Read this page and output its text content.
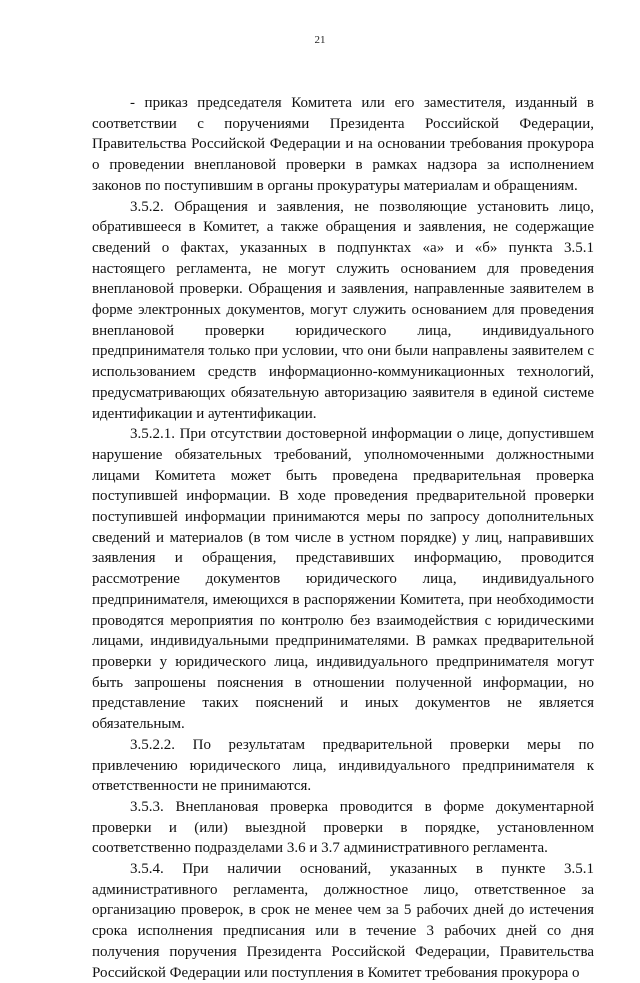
21

- приказ председателя Комитета или его заместителя, изданный в соответствии с поручениями Президента Российской Федерации, Правительства Российской Федерации и на основании требования прокурора о проведении внеплановой проверки в рамках надзора за исполнением законов по поступившим в органы прокуратуры материалам и обращениям.

3.5.2. Обращения и заявления, не позволяющие установить лицо, обратившееся в Комитет, а также обращения и заявления, не содержащие сведений о фактах, указанных в подпунктах «а» и «б» пункта 3.5.1 настоящего регламента, не могут служить основанием для проведения внеплановой проверки. Обращения и заявления, направленные заявителем в форме электронных документов, могут служить основанием для проведения внеплановой проверки юридического лица, индивидуального предпринимателя только при условии, что они были направлены заявителем с использованием средств информационно-коммуникационных технологий, предусматривающих обязательную авторизацию заявителя в единой системе идентификации и аутентификации.

3.5.2.1. При отсутствии достоверной информации о лице, допустившем нарушение обязательных требований, уполномоченными должностными лицами Комитета может быть проведена предварительная проверка поступившей информации. В ходе проведения предварительной проверки поступившей информации принимаются меры по запросу дополнительных сведений и материалов (в том числе в устном порядке) у лиц, направивших заявления и обращения, представивших информацию, проводится рассмотрение документов юридического лица, индивидуального предпринимателя, имеющихся в распоряжении Комитета, при необходимости проводятся мероприятия по контролю без взаимодействия с юридическими лицами, индивидуальными предпринимателями. В рамках предварительной проверки у юридического лица, индивидуального предпринимателя могут быть запрошены пояснения в отношении полученной информации, но представление таких пояснений и иных документов не является обязательным.

3.5.2.2. По результатам предварительной проверки меры по привлечению юридического лица, индивидуального предпринимателя к ответственности не принимаются.

3.5.3. Внеплановая проверка проводится в форме документарной проверки и (или) выездной проверки в порядке, установленном соответственно подразделами 3.6 и 3.7 административного регламента.

3.5.4. При наличии оснований, указанных в пункте 3.5.1 административного регламента, должностное лицо, ответственное за организацию проверок, в срок не менее чем за 5 рабочих дней до истечения срока исполнения предписания или в течение 3 рабочих дней со дня получения поручения Президента Российской Федерации, Правительства Российской Федерации или поступления в Комитет требования прокурора о
